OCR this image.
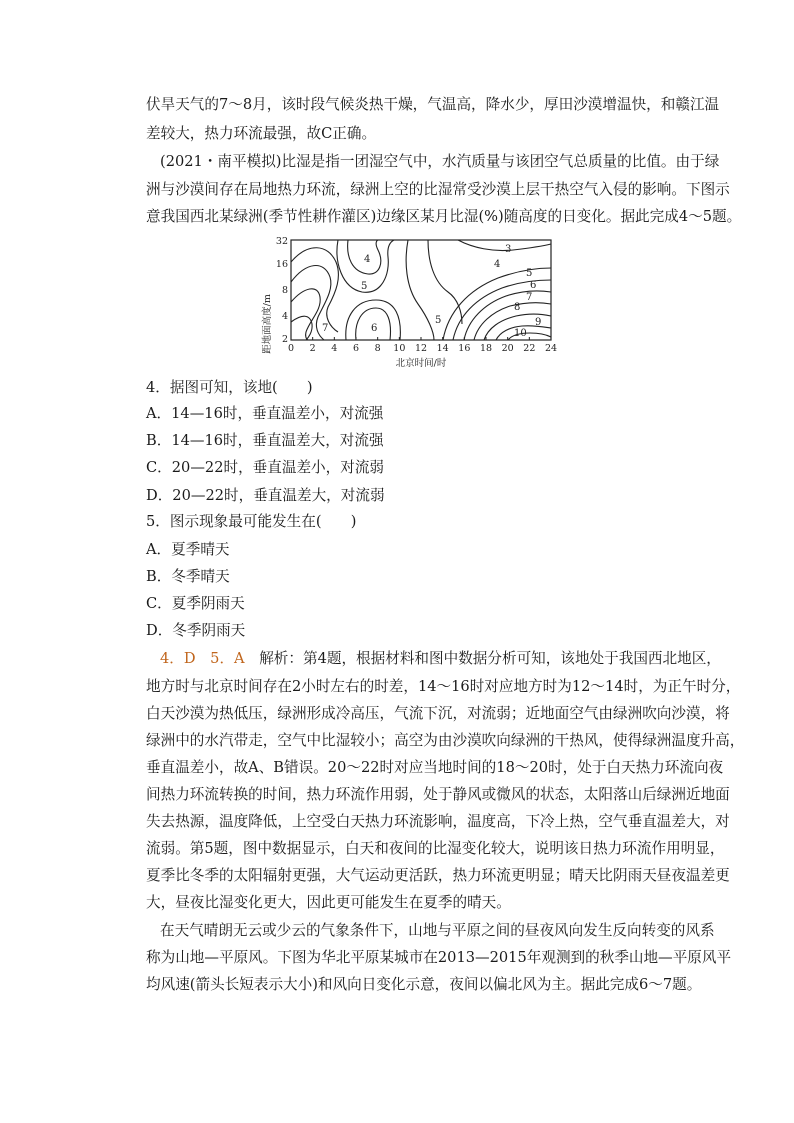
伏旱天气的7～8月，该时段气候炎热干燥，气温高，降水少，厚田沙漠增温快，和赣江温
差较大，热力环流最强，故C正确。
(2021・南平模拟)比湿是指一团湿空气中，水汽质量与该团空气总质量的比值。由于绿
洲与沙漠间存在局地热力环流，绿洲上空的比湿常受沙漠上层干热空气入侵的影响。下图示
意我国西北某绿洲(季节性耕作灌区)边缘区某月比湿(%)随高度的日变化。据此完成4～5题。
距地面高度/m
32
16
8
4
2
0 2 4 6 8 10 12 14 16 18 20 22 24
北京时间/时
3
4
4
5
5
5
6
6
7
7
8
9
10
4．据图可知，该地(　　)
A．14—16时，垂直温差小，对流强
B．14—16时，垂直温差大，对流强
C．20—22时，垂直温差小，对流弱
D．20—22时，垂直温差大，对流弱
5．图示现象最可能发生在(　　)
A．夏季晴天
B．冬季晴天
C．夏季阴雨天
D．冬季阴雨天
4．D　5．A　解析：第4题，根据材料和图中数据分析可知，该地处于我国西北地区，
地方时与北京时间存在2小时左右的时差，14～16时对应地方时为12～14时，为正午时分，
白天沙漠为热低压，绿洲形成冷高压，气流下沉，对流弱；近地面空气由绿洲吹向沙漠，将
绿洲中的水汽带走，空气中比湿较小；高空为由沙漠吹向绿洲的干热风，使得绿洲温度升高，
垂直温差小，故A、B错误。20～22时对应当地时间的18～20时，处于白天热力环流向夜
间热力环流转换的时间，热力环流作用弱，处于静风或微风的状态，太阳落山后绿洲近地面
失去热源，温度降低，上空受白天热力环流影响，温度高，下冷上热，空气垂直温差大，对
流弱。第5题，图中数据显示，白天和夜间的比湿变化较大，说明该日热力环流作用明显，
夏季比冬季的太阳辐射更强，大气运动更活跃，热力环流更明显；晴天比阴雨天昼夜温差更
大，昼夜比湿变化更大，因此更可能发生在夏季的晴天。
在天气晴朗无云或少云的气象条件下，山地与平原之间的昼夜风向发生反向转变的风系
称为山地—平原风。下图为华北平原某城市在2013—2015年观测到的秋季山地—平原风平
均风速(箭头长短表示大小)和风向日变化示意，夜间以偏北风为主。据此完成6～7题。
